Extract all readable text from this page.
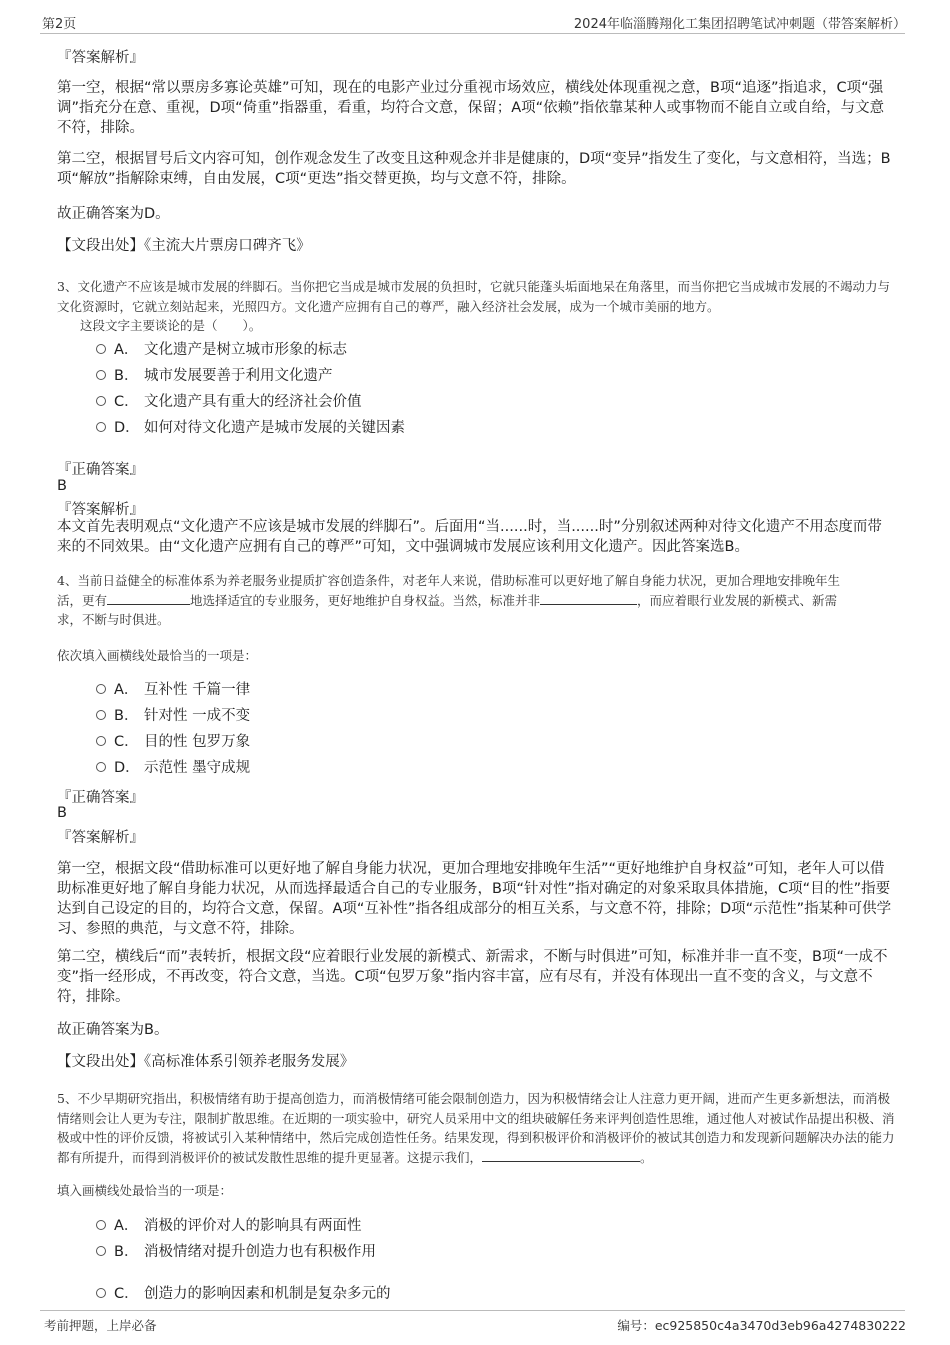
第2页	2024年临淄腾翔化工集团招聘笔试冲刺题（带答案解析）
『答案解析』
第一空，根据“常以票房多寡论英雄”可知，现在的电影产业过分重视市场效应，横线处体现重视之意，B项“追逐”指追求，C项“强调”指充分在意、重视，D项“倚重”指器重，看重，均符合文意，保留；A项“依赖”指依靠某种人或事物而不能自立或自给，与文意不符，排除。
第二空，根据冒号后文内容可知，创作观念发生了改变且这种观念并非是健康的，D项“变异”指发生了变化，与文意相符，当选；B项“解放”指解除束缚，自由发展，C项“更迭”指交替更换，均与文意不符，排除。
故正确答案为D。
【文段出处】《主流大片票房口碑齐飞》
3、文化遗产不应该是城市发展的绊脚石。当你把它当成是城市发展的负担时，它就只能蓬头垢面地呆在角落里，而当你把它当成城市发展的不竭动力与文化资源时，它就立刻站起来，光照四方。文化遗产应拥有自己的尊严，融入经济社会发展，成为一个城市美丽的地方。
这段文字主要谈论的是（　　）。
A． 文化遗产是树立城市形象的标志
B． 城市发展要善于利用文化遗产
C． 文化遗产具有重大的经济社会价值
D． 如何对待文化遗产是城市发展的关键因素
『正确答案』
B
『答案解析』
本文首先表明观点“文化遗产不应该是城市发展的绊脚石”。后面用“当......时，当......时”分别叙述两种对待文化遗产不用态度而带来的不同效果。由“文化遗产应拥有自己的尊严”可知，文中强调城市发展应该利用文化遗产。因此答案选B。
4、当前日益健全的标准体系为养老服务业提质扩容创造条件，对老年人来说，借助标准可以更好地了解自身能力状况，更加合理地安排晚年生
活，更有	地选择适宜的专业服务，更好地维护自身权益。当然，标准并非	，而应着眼行业发展的新模式、新需
求，不断与时俱进。
依次填入画横线处最恰当的一项是：
A． 互补性 千篇一律
B． 针对性 一成不变
C． 目的性 包罗万象
D． 示范性 墨守成规
『正确答案』
B
『答案解析』
第一空，根据文段“借助标准可以更好地了解自身能力状况，更加合理地安排晚年生活”“更好地维护自身权益”可知，老年人可以借助标准更好地了解自身能力状况，从而选择最适合自己的专业服务，B项“针对性”指对确定的对象采取具体措施，C项“目的性”指要达到自己设定的目的，均符合文意，保留。A项“互补性”指各组成部分的相互关系，与文意不符，排除；D项“示范性”指某种可供学习、参照的典范，与文意不符，排除。
第二空，横线后“而”表转折，根据文段“应着眼行业发展的新模式、新需求，不断与时俱进”可知，标准并非一直不变，B项“一成不变”指一经形成，不再改变，符合文意，当选。C项“包罗万象”指内容丰富，应有尽有，并没有体现出一直不变的含义，与文意不符，排除。
故正确答案为B。
【文段出处】《高标准体系引领养老服务发展》
5、不少早期研究指出，积极情绪有助于提高创造力，而消极情绪可能会限制创造力，因为积极情绪会让人注意力更开阔，进而产生更多新想法，而消极情绪则会让人更为专注，限制扩散思维。在近期的一项实验中，研究人员采用中文的组块破解任务来评判创造性思维，通过他人对被试作品提出积极、消极或中性的评价反馈，将被试引入某种情绪中，然后完成创造性任务。结果发现，得到积极评价和消极评价的被试其创造力和发现新问题解决办法的能力都有所提升，而得到消极评价的被试发散性思维的提升更显著。这提示我们，	。
填入画横线处最恰当的一项是：
A． 消极的评价对人的影响具有两面性
B． 消极情绪对提升创造力也有积极作用
C． 创造力的影响因素和机制是复杂多元的
考前押题，上岸必备	编号：ec925850c4a3470d3eb96a4274830222
